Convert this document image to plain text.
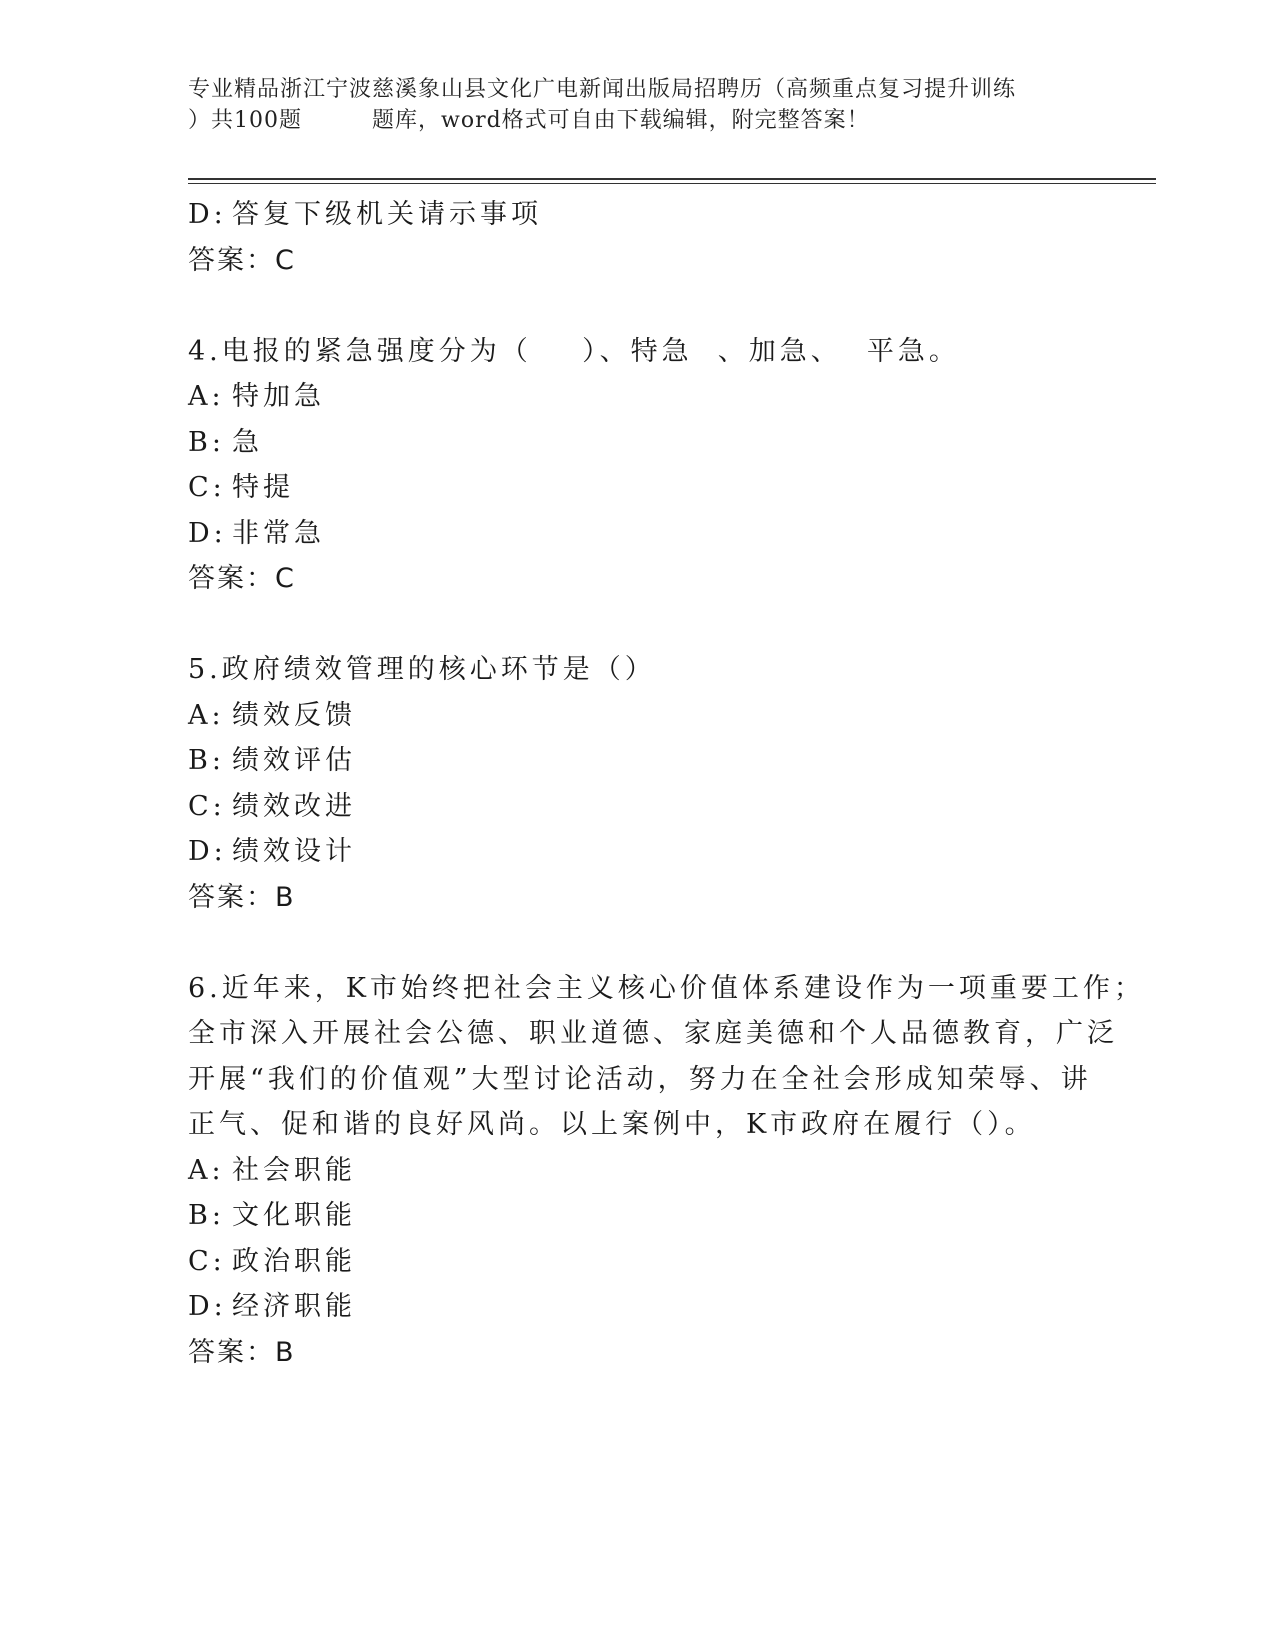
专业精品浙江宁波慈溪象山县文化广电新闻出版局招聘历（高频重点复习提升训练
）共100题	题库，word格式可自由下载编辑，附完整答案！
D: 答复下级机关请示事项
答案：C
4.电报的紧急强度分为（    ）、特急  、加急、  平急。
A: 特加急
B: 急
C: 特提
D: 非常急
答案：C
5.政府绩效管理的核心环节是（）
A: 绩效反馈
B: 绩效评估
C: 绩效改进
D: 绩效设计
答案：B
6.近年来，K市始终把社会主义核心价值体系建设作为一项重要工作；
全市深入开展社会公德、职业道德、家庭美德和个人品德教育，广泛
开展“我们的价值观”大型讨论活动，努力在全社会形成知荣辱、讲
正气、促和谐的良好风尚。以上案例中，K市政府在履行（）。
A: 社会职能
B: 文化职能
C: 政治职能
D: 经济职能
答案：B
